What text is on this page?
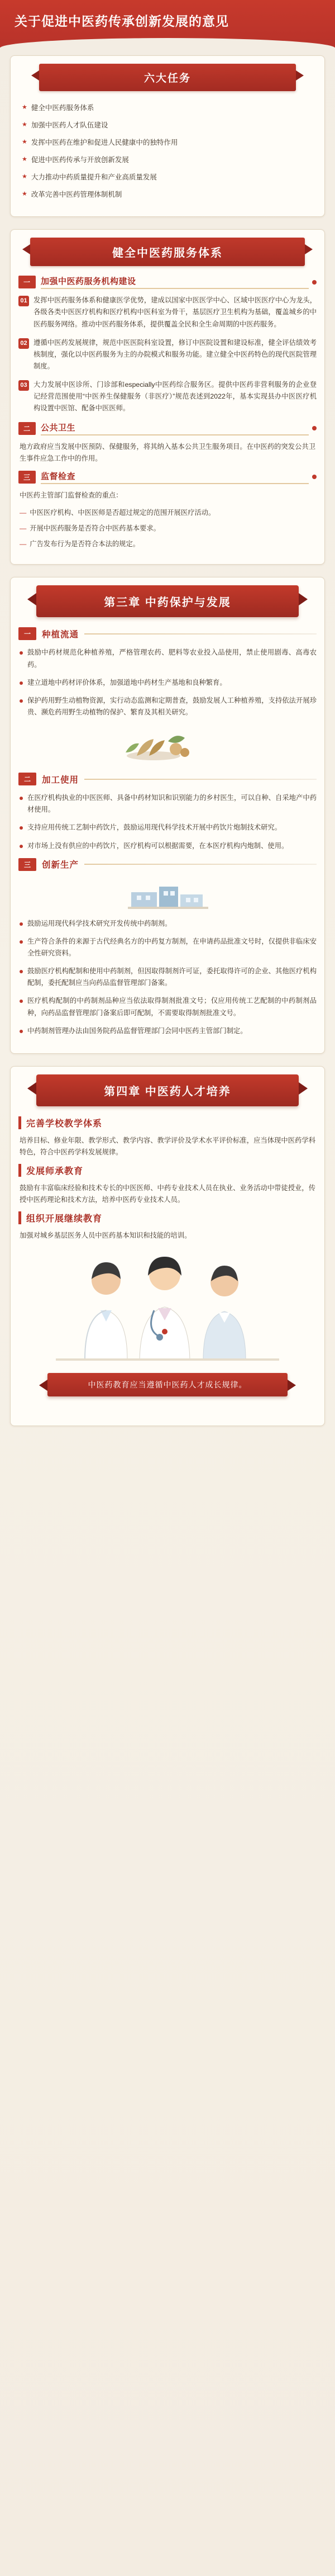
关于促进中医药传承创新发展的意见
六大任务
★ 健全中医药服务体系
★ 加强中医药人才队伍建设
★ 发挥中医药在维护和促进人民健康中的独特作用
★ 促进中医药传承与开放创新发展
★ 大力推动中药质量提升和产业高质量发展
★ 改革完善中医药管理体制机制
健全中医药服务体系
一	加强中医药服务机构建设
01 发挥中医药服务体系和健康医学优势，建成以国家中医医学中心、区域中医医疗中心为龙头，各级各类中医医疗机构和医疗机构中医科室为骨干，基层医疗卫生机构为基础，覆盖城乡的中医药服务网络。推动中医药服务体系，提供覆盖全民和全生命周期的中医药服务。
02 遵循中医药发展规律，规范中医医院科室设置，修订中医院设置和建设标准，健全评估绩效考核制度，强化以中医药服务为主的办院模式和服务功能。建立健全中医药特色的现代医院管理制度。
03 大力发展中医诊所、门诊部和especially中医药综合服务区。提供中医药非营利服务的企业登记经营范围使用“中医养生保健服务（非医疗）”规范表述到2022年，基本实现县办中医医疗机构设置中医馆、配备中医医师。
二	公共卫生
地方政府应当发展中医预防、保健服务，将其纳入基本公共卫生服务项目。在中医药的突发公共卫生事件应急工作中的作用。
三	监督检查
中医药主管部门监督检查的重点：
— 中医医疗机构、中医医师是否超过规定的范围开展医疗活动。
— 开展中医药服务是否符合中医药基本要求。
— 广告发布行为是否符合本法的规定。
第三章 中药保护与发展
一	种植流通
鼓励中药材规范化种植养殖，严格管理农药、肥料等农业投入品使用，禁止使用剧毒、高毒农药。
建立道地中药材评价体系，加强道地中药材生产基地和良种繁育。
保护药用野生动植物资源，实行动态监测和定期普查，鼓励发展人工种植养殖，支持依法开展珍贵、濒危药用野生动植物的保护、繁育及其相关研究。
二	加工使用
在医疗机构执业的中医医师、具备中药材知识和识别能力的乡村医生，可以自种、自采地产中药材使用。
支持应用传统工艺制中药饮片，鼓励运用现代科学技术开展中药饮片炮制技术研究。
对市场上没有供应的中药饮片，医疗机构可以根据需要，在本医疗机构内炮制、使用。
三	创新生产
鼓励运用现代科学技术研究开发传统中药制剂。
生产符合条件的来源于古代经典名方的中药复方制剂，在申请药品批准文号时，仅提供非临床安全性研究资料。
鼓励医疗机构配制和使用中药制剂，但因取得制剂许可证，委托取得许可的企业、其他医疗机构配制，委托配制应当向药品监督管理部门备案。
医疗机构配制的中药制剂品种应当依法取得制剂批准文号；仅应用传统工艺配制的中药制剂品种，向药品监督管理部门备案后即可配制，不需要取得制剂批准文号。
中药制剂管理办法由国务院药品监督管理部门会同中医药主管部门制定。
第四章 中医药人才培养
完善学校教学体系
培养目标、修业年限、教学形式、教学内容、教学评价及学术水平评价标准，应当体现中医药学科特色，符合中医药学科发展规律。
发展师承教育
鼓励有丰富临床经验和技术专长的中医医师、中药专业技术人员在执业、业务活动中带徒授业，传授中医药理论和技术方法，培养中医药专业技术人员。
组织开展继续教育
加强对城乡基层医务人员中医药基本知识和技能的培训。
中医药教育应当遵循中医药人才成长规律。
